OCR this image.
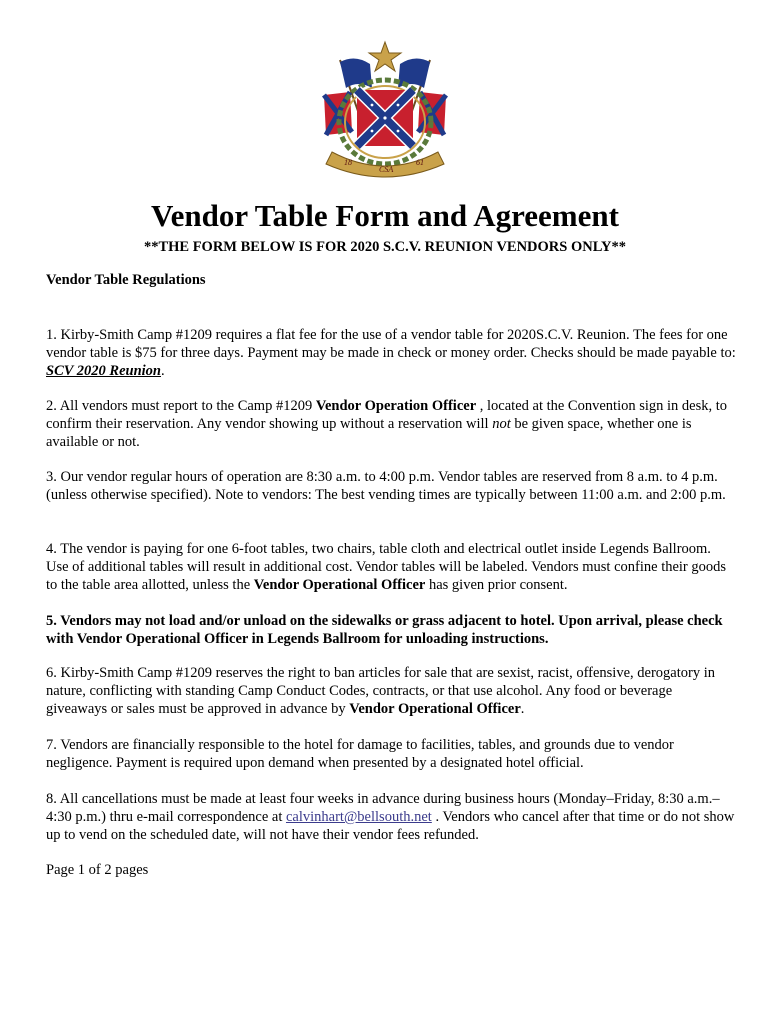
18
CSA
61
Vendor Table Form and Agreement
**THE FORM BELOW IS FOR 2020 S.C.V. REUNION VENDORS ONLY**
Vendor Table Regulations
1. Kirby-Smith Camp #1209 requires a flat fee for the use of a vendor table for 2020S.C.V. Reunion. The fees for one vendor table is $75 for three days. Payment may be made in check or money order. Checks should be made payable to: SCV 2020 Reunion.
2. All vendors must report to the Camp #1209 Vendor Operation Officer , located at the Convention sign in desk, to confirm their reservation. Any vendor showing up without a reservation will not be given space, whether one is available or not.
3. Our vendor regular hours of operation are 8:30 a.m. to 4:00 p.m. Vendor tables are reserved from 8 a.m. to 4 p.m. (unless otherwise specified). Note to vendors: The best vending times are typically between 11:00 a.m. and 2:00 p.m.
4. The vendor is paying for one 6-foot tables, two chairs, table cloth and electrical outlet inside Legends Ballroom. Use of additional tables will result in additional cost. Vendor tables will be labeled. Vendors must confine their goods to the table area allotted, unless the Vendor Operational Officer has given prior consent.
5. Vendors may not load and/or unload on the sidewalks or grass adjacent to hotel. Upon arrival, please check with Vendor Operational Officer in Legends Ballroom for unloading instructions.
6. Kirby-Smith Camp #1209 reserves the right to ban articles for sale that are sexist, racist, offensive, derogatory in nature, conflicting with standing Camp Conduct Codes, contracts, or that use alcohol. Any food or beverage giveaways or sales must be approved in advance by Vendor Operational Officer.
7. Vendors are financially responsible to the hotel for damage to facilities, tables, and grounds due to vendor negligence. Payment is required upon demand when presented by a designated hotel official.
8. All cancellations must be made at least four weeks in advance during business hours (Monday–Friday, 8:30 a.m.–4:30 p.m.) thru e-mail correspondence at calvinhart@bellsouth.net . Vendors who cancel after that time or do not show up to vend on the scheduled date, will not have their vendor fees refunded.
Page 1 of 2 pages
